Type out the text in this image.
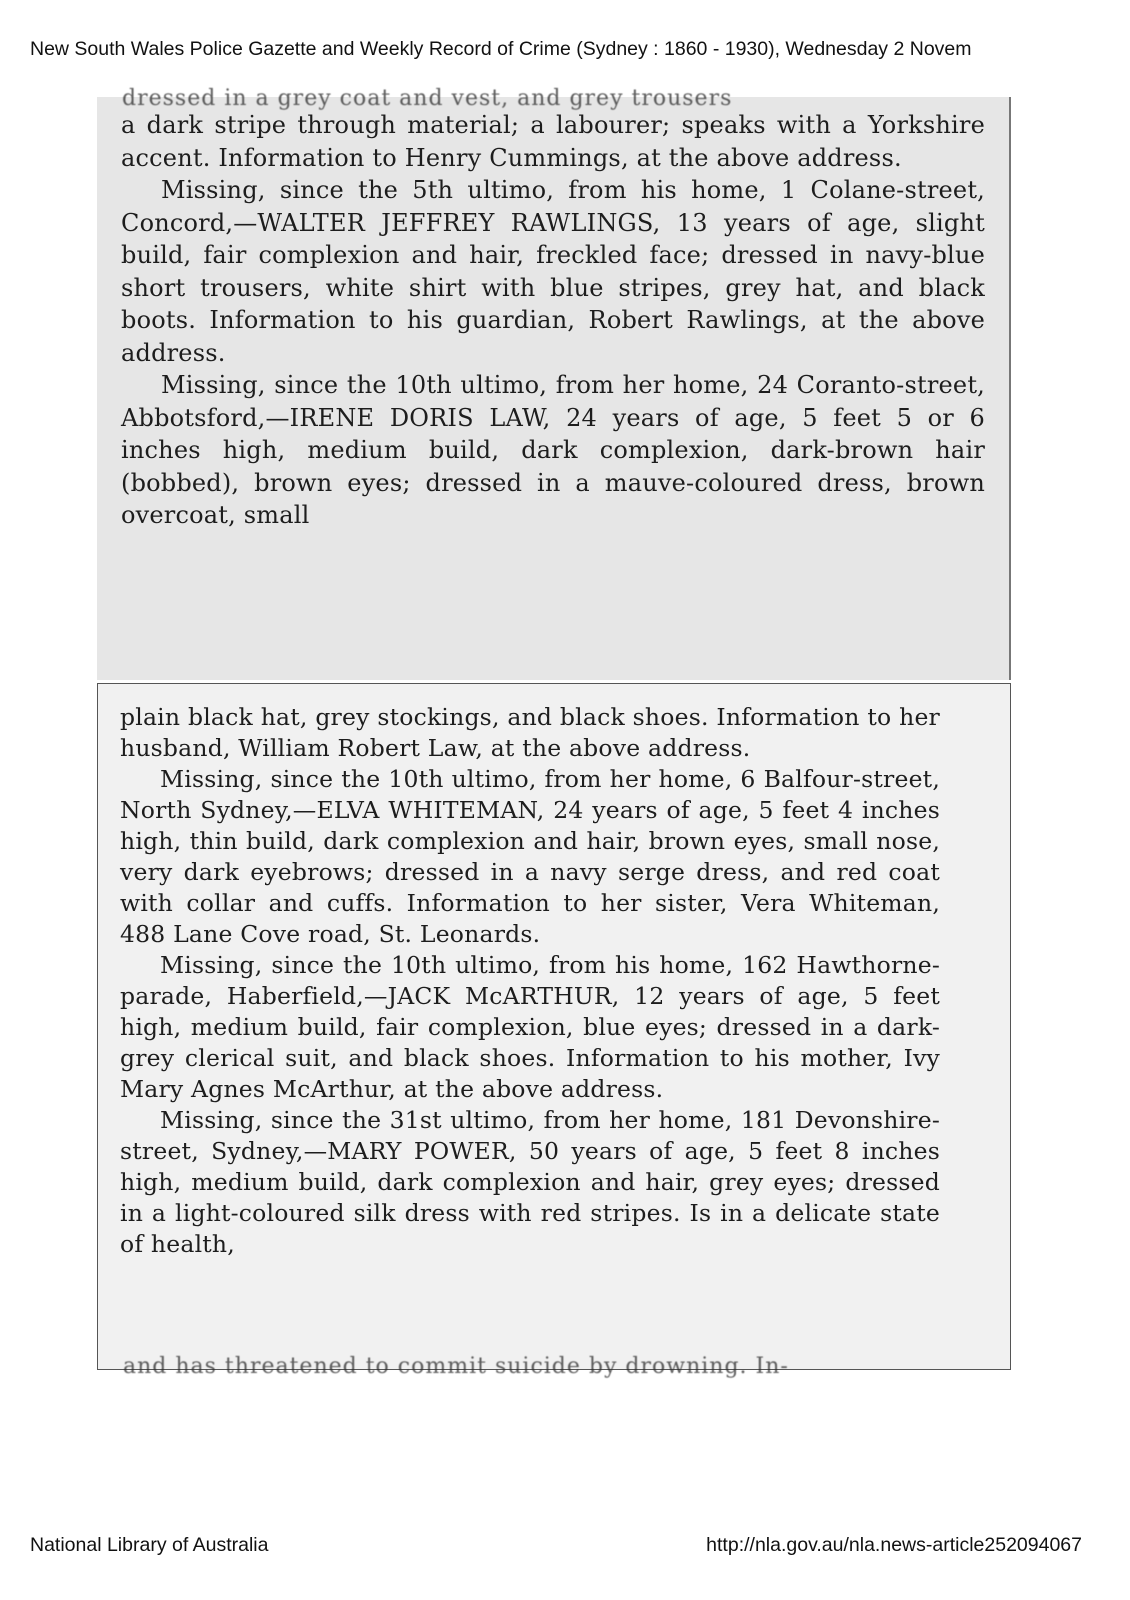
New South Wales Police Gazette and Weekly Record of Crime (Sydney : 1860 - 1930), Wednesday 2 Novem
dressed in a grey coat and vest, and grey trousers

a dark stripe through material; a labourer; speaks with a Yorkshire accent. Information to Henry Cummings, at the above address.

Missing, since the 5th ultimo, from his home, 1 Colane-street, Concord,—WALTER JEFFREY RAWLINGS, 13 years of age, slight build, fair complexion and hair, freckled face; dressed in navy-blue short trousers, white shirt with blue stripes, grey hat, and black boots. Information to his guardian, Robert Rawlings, at the above address.

Missing, since the 10th ultimo, from her home, 24 Coranto-street, Abbotsford,—IRENE DORIS LAW, 24 years of age, 5 feet 5 or 6 inches high, medium build, dark complexion, dark-brown hair (bobbed), brown eyes; dressed in a mauve-coloured dress, brown overcoat, small

plain black hat, grey stockings, and black shoes. Information to her husband, William Robert Law, at the above address.

Missing, since the 10th ultimo, from her home, 6 Balfour-street, North Sydney,—ELVA WHITEMAN, 24 years of age, 5 feet 4 inches high, thin build, dark complexion and hair, brown eyes, small nose, very dark eyebrows; dressed in a navy serge dress, and red coat with collar and cuffs. Information to her sister, Vera Whiteman, 488 Lane Cove road, St. Leonards.

Missing, since the 10th ultimo, from his home, 162 Hawthorne-parade, Haberfield,—JACK McARTHUR, 12 years of age, 5 feet high, medium build, fair complexion, blue eyes; dressed in a dark-grey clerical suit, and black shoes. Information to his mother, Ivy Mary Agnes McArthur, at the above address.

Missing, since the 31st ultimo, from her home, 181 Devonshire-street, Sydney,—MARY POWER, 50 years of age, 5 feet 8 inches high, medium build, dark complexion and hair, grey eyes; dressed in a light-coloured silk dress with red stripes. Is in a delicate state of health,

and has threatened to commit suicide by drowning. In-
National Library of Australia	http://nla.gov.au/nla.news-article252094067
